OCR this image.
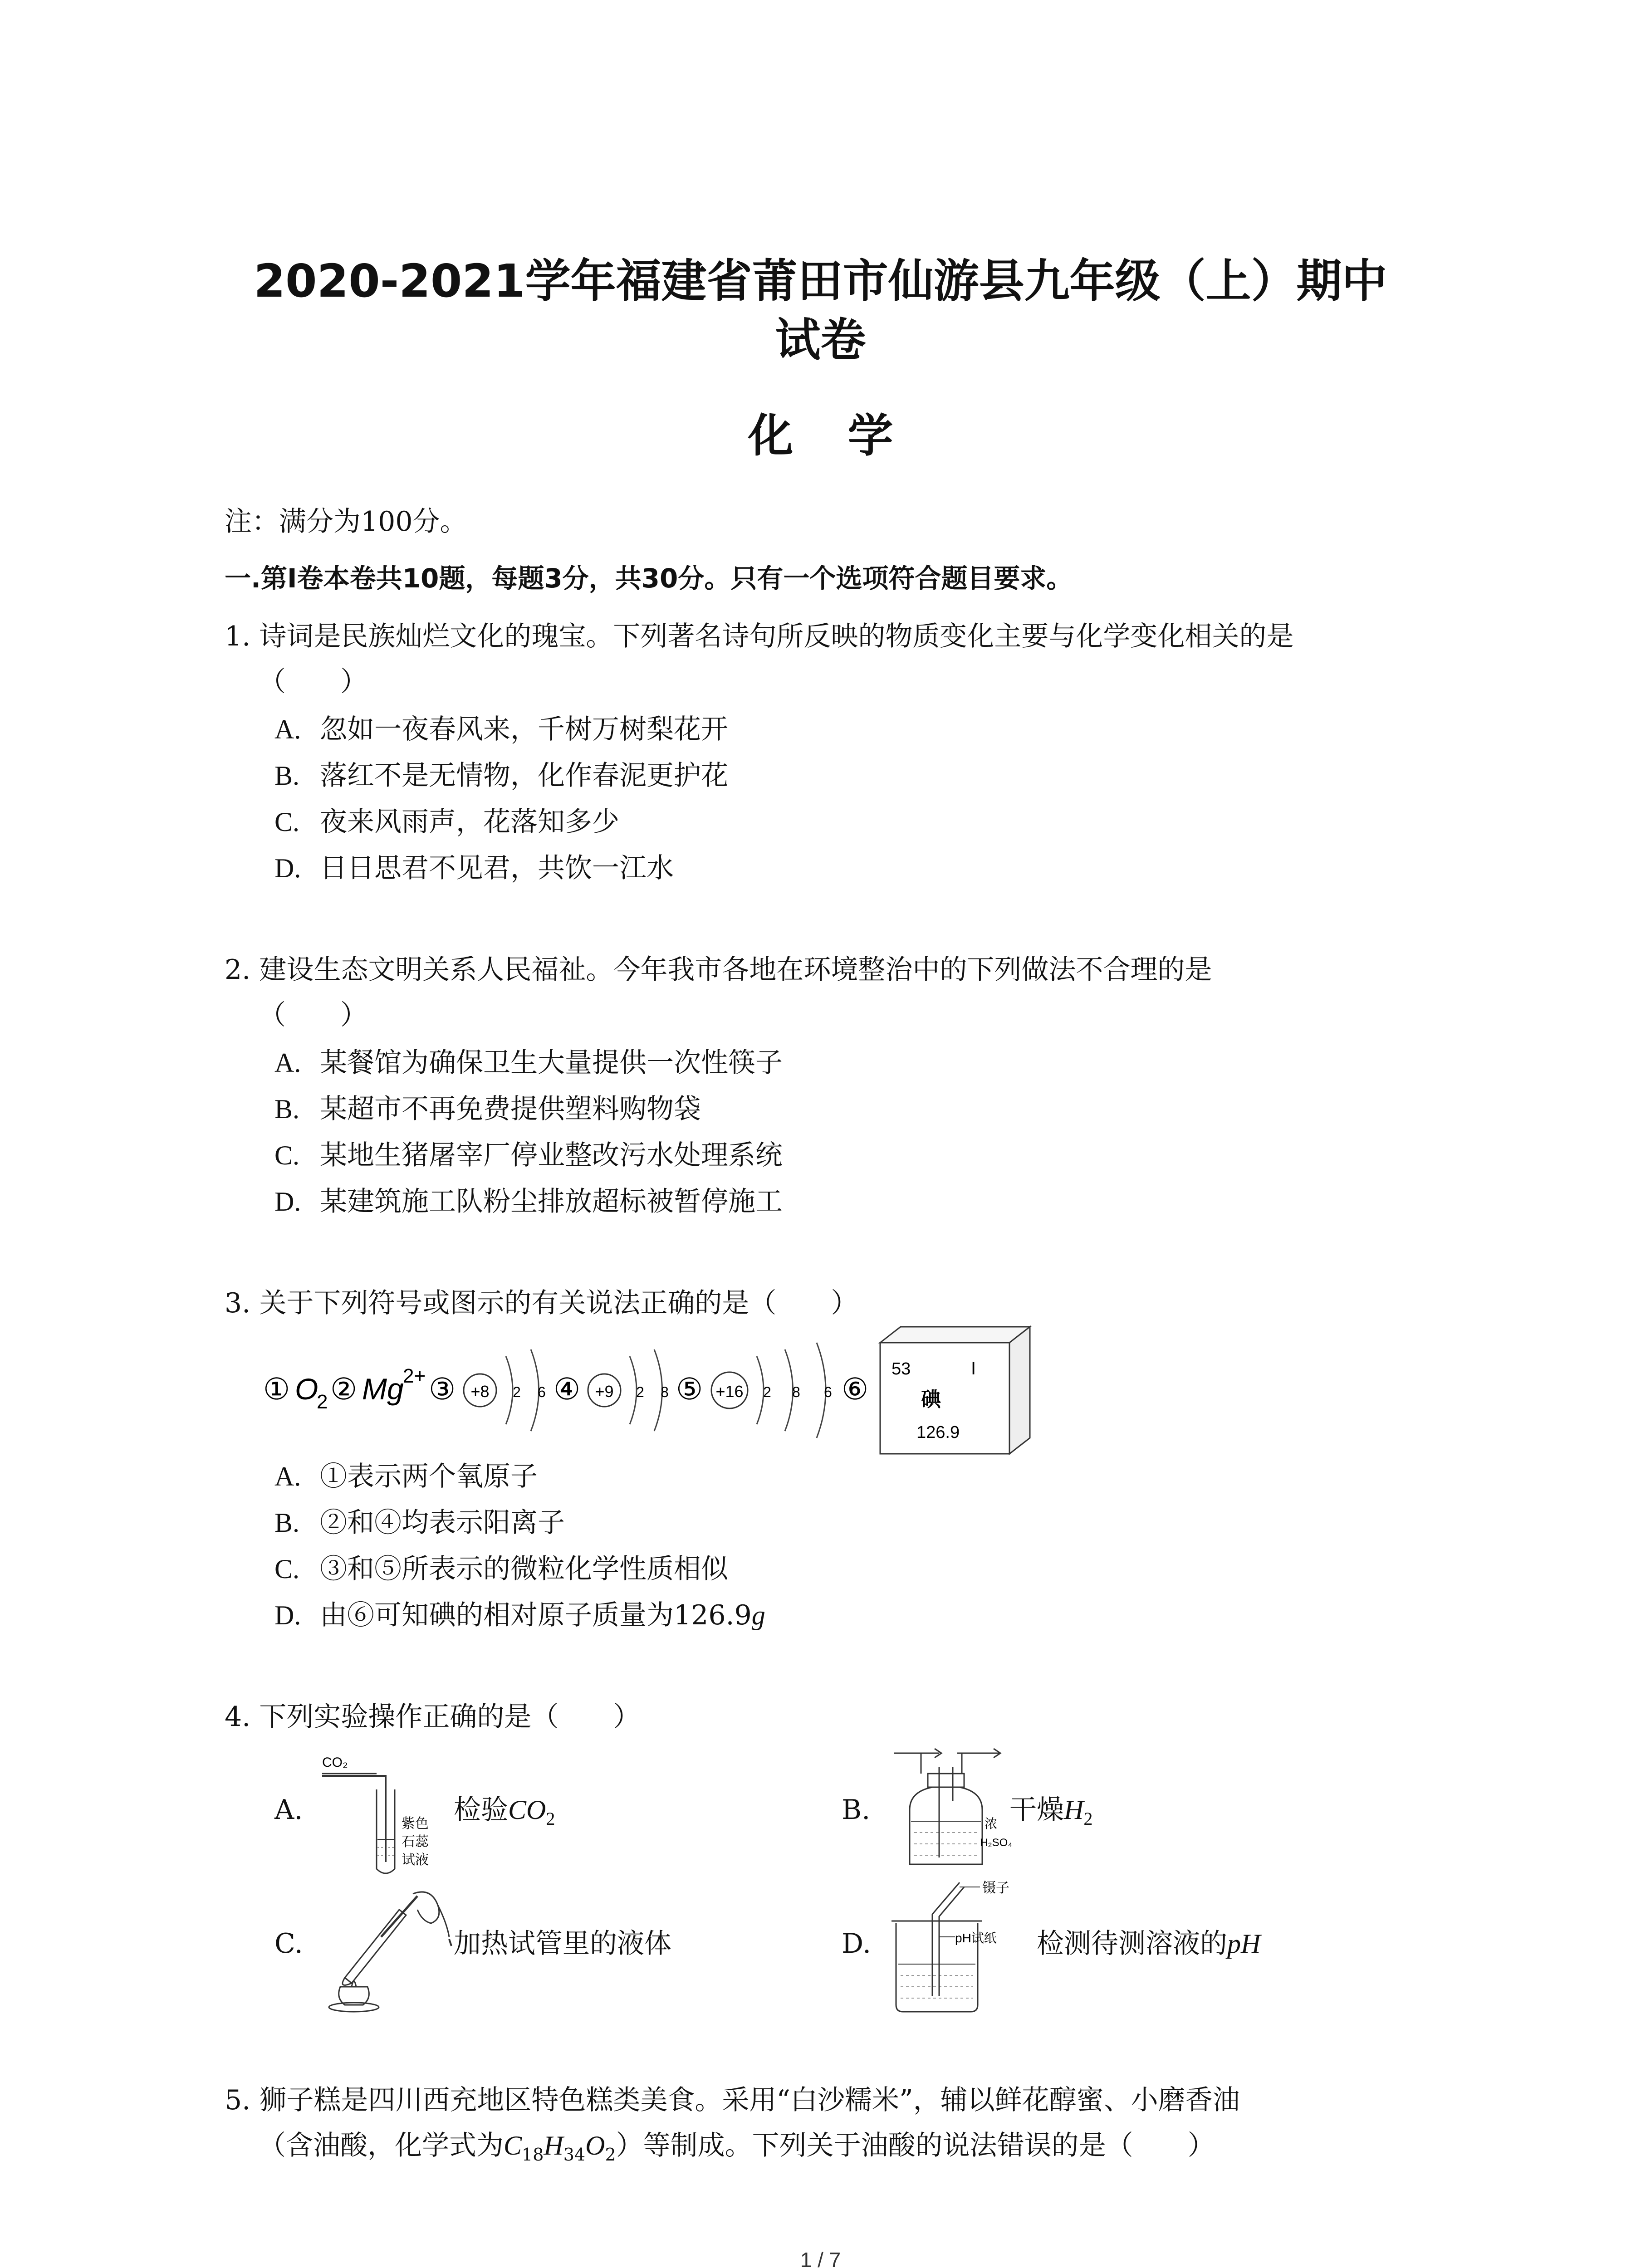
2020-2021学年福建省莆田市仙游县九年级（上）期中
试卷
化学
注：满分为100分。
一.第Ⅰ卷本卷共10题，每题3分，共30分。只有一个选项符合题目要求。
1. 诗词是民族灿烂文化的瑰宝。下列著名诗句所反映的物质变化主要与化学变化相关的是
（　　）
A. 忽如一夜春风来，千树万树梨花开
B. 落红不是无情物，化作春泥更护花
C. 夜来风雨声，花落知多少
D. 日日思君不见君，共饮一江水
2. 建设生态文明关系人民福祉。今年我市各地在环境整治中的下列做法不合理的是
（　　）
A. 某餐馆为确保卫生大量提供一次性筷子
B. 某超市不再免费提供塑料购物袋
C. 某地生猪屠宰厂停业整改污水处理系统
D. 某建筑施工队粉尘排放超标被暂停施工
3. 关于下列符号或图示的有关说法正确的是（　　）
① O
2 ② Mg
2+ ③ +8 2 6 ④ +9 2 8 ⑤ +16 2 8 6 ⑥
53	I
碘
126.9
A. ①表示两个氧原子
B. ②和④均表示阳离子
C. ③和⑤所表示的微粒化学性质相似
D. 由⑥可知碘的相对原子质量为126.9g
4. 下列实验操作正确的是（　　）
A.
CO₂
紫色
石蕊
试液
检验$CO_2$	B.	浓
H₂SO₄
干燥$H_2$
C.	加热试管里的液体	D.
镊子
pH试纸 检测待测溶液的pH
5. 狮子糕是四川西充地区特色糕类美食。采用“白沙糯米”，辅以鲜花醇蜜、小磨香油
（含油酸，化学式为$C_{18}H_{34}O_2$）等制成。下列关于油酸的说法错误的是（　　）
1 / 7
